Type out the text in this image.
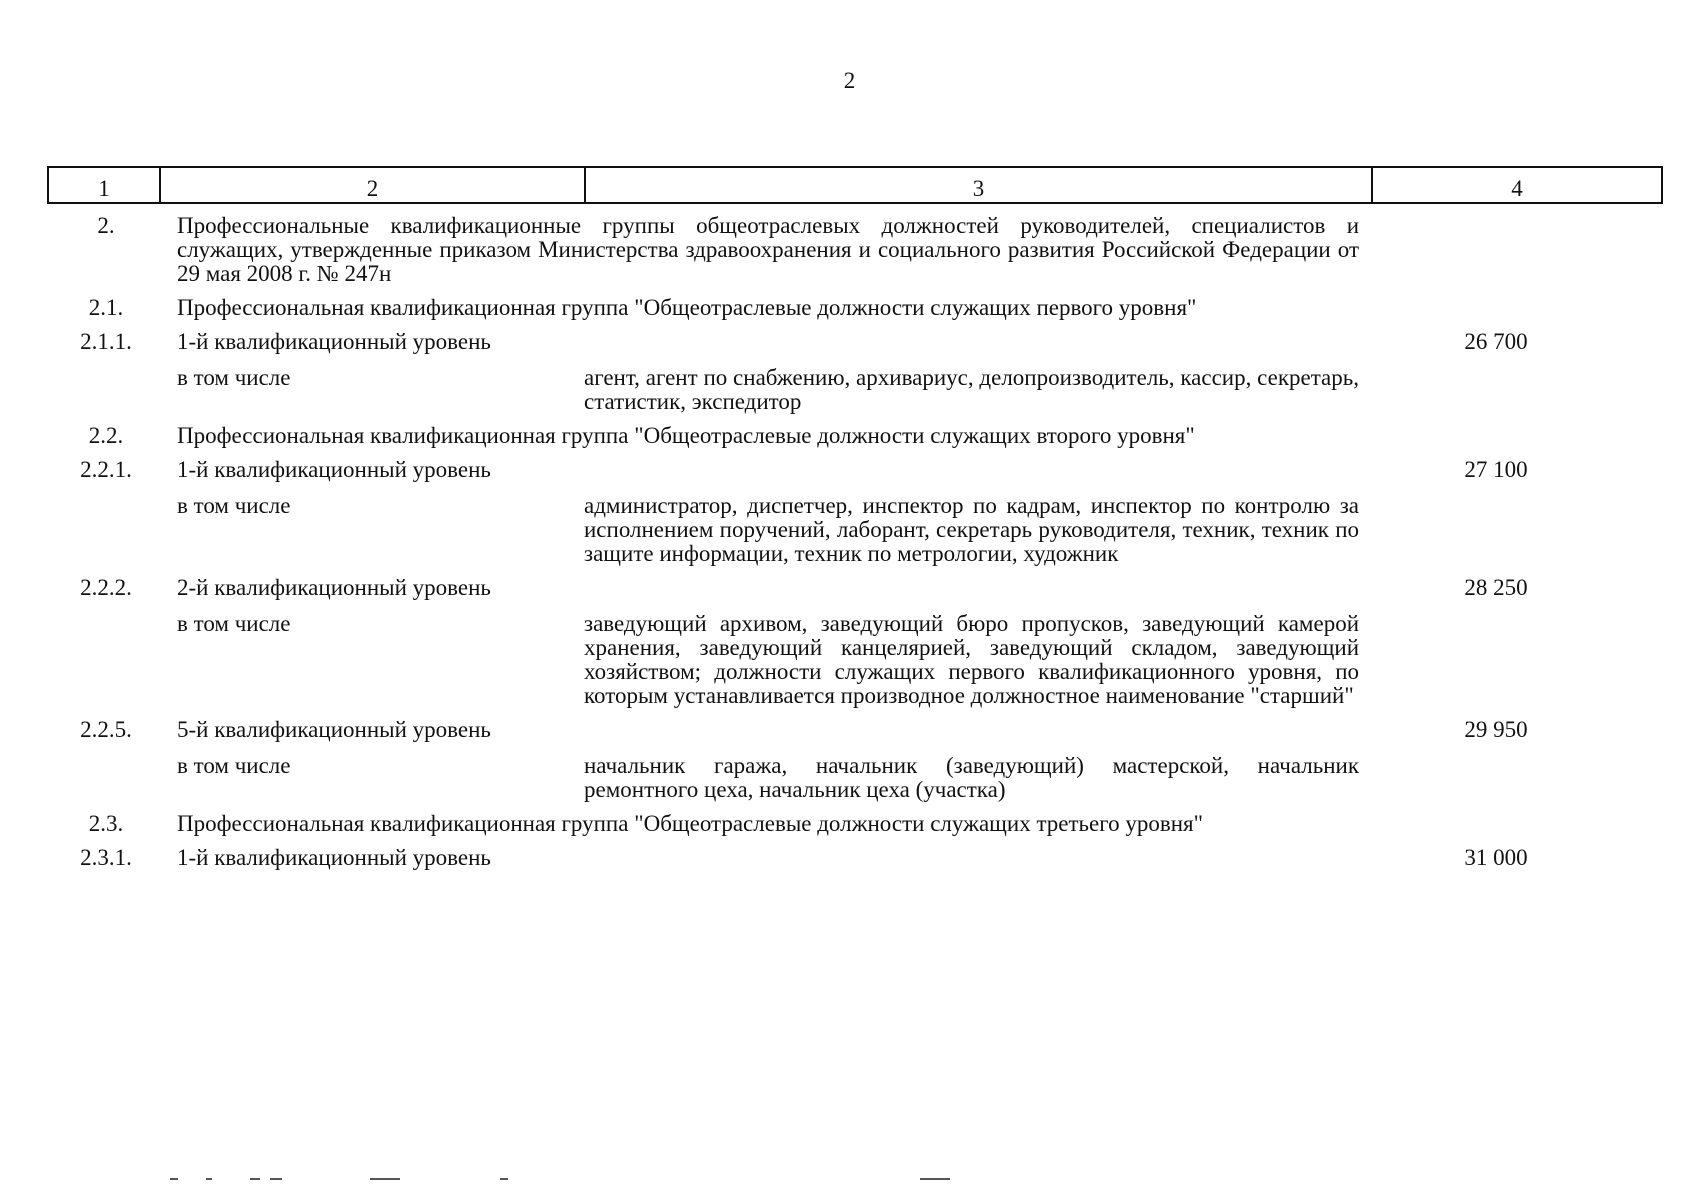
2
1	2	3	4
2.	Профессиональные квалификационные группы общеотраслевых должностей руководителей, специалистов и служащих, утвержденные приказом Министерства здравоохранения и социального развития Российской Федерации от 29 мая 2008 г. № 247н		
2.1.	Профессиональная квалификационная группа "Общеотраслевые должности служащих первого уровня"		
2.1.1.	1-й квалификационный уровень		26 700
	в том числе	агент, агент по снабжению, архивариус, делопроизводитель, кассир, секретарь, статистик, экспедитор	
2.2.	Профессиональная квалификационная группа "Общеотраслевые должности служащих второго уровня"		
2.2.1.	1-й квалификационный уровень		27 100
	в том числе	администратор, диспетчер, инспектор по кадрам, инспектор по контролю за исполнением поручений, лаборант, секретарь руководителя, техник, техник по защите информации, техник по метрологии, художник	
2.2.2.	2-й квалификационный уровень		28 250
	в том числе	заведующий архивом, заведующий бюро пропусков, заведующий камерой хранения, заведующий канцелярией, заведующий складом, заведующий хозяйством; должности служащих первого квалификационного уровня, по которым устанавливается производное должностное наименование "старший"	
2.2.5.	5-й квалификационный уровень		29 950
	в том числе	начальник гаража, начальник (заведующий) мастерской, начальник ремонтного цеха, начальник цеха (участка)	
2.3.	Профессиональная квалификационная группа "Общеотраслевые должности служащих третьего уровня"		
2.3.1.	1-й квалификационный уровень		31 000
